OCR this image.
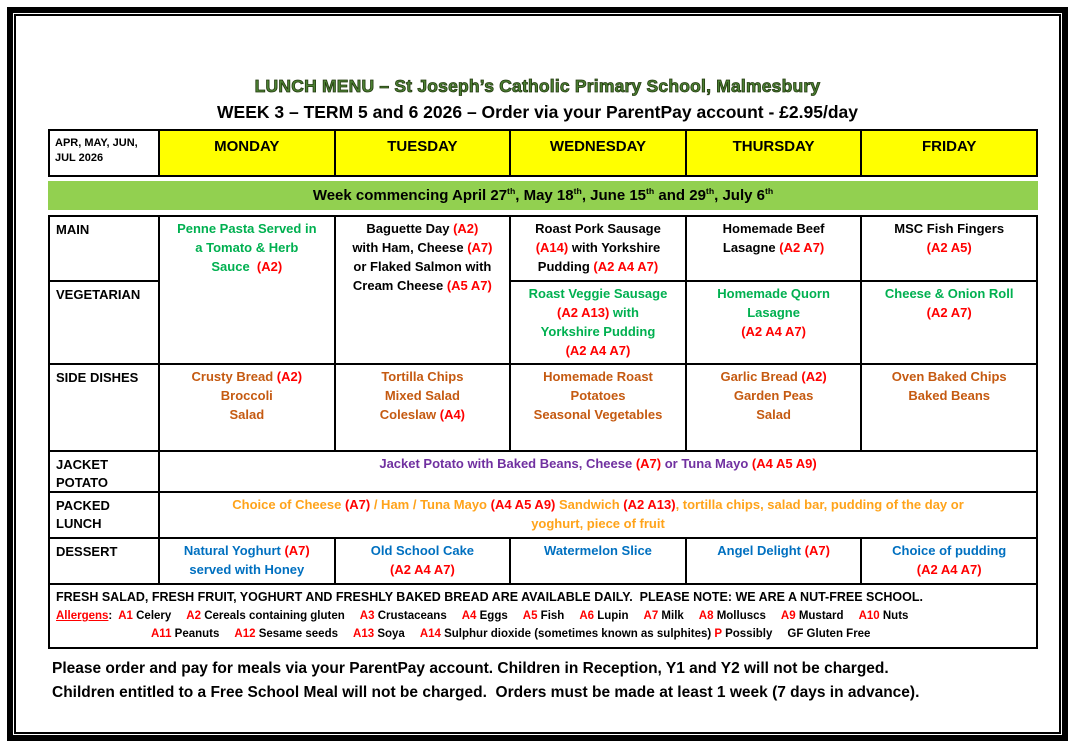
LUNCH MENU – St Joseph’s Catholic Primary School, Malmesbury
WEEK 3 – TERM 5 and 6 2026 – Order via your ParentPay account - £2.95/day
APR, MAY, JUN,
JUL 2026	MONDAY	TUESDAY	WEDNESDAY	THURSDAY	FRIDAY
Week commencing April 27th, May 18th, June 15th and 29th, July 6th
MAIN	Penne Pasta Served in
a Tomato & Herb
Sauce  (A2)	Baguette Day (A2)
with Ham, Cheese (A7)
or Flaked Salmon with
Cream Cheese (A5 A7)	Roast Pork Sausage
(A14) with Yorkshire
Pudding (A2 A4 A7)	Homemade Beef
Lasagne (A2 A7)	MSC Fish Fingers
(A2 A5)
VEGETARIAN			Roast Veggie Sausage
(A2 A13) with
Yorkshire Pudding
(A2 A4 A7)	Homemade Quorn
Lasagne
(A2 A4 A7)	Cheese & Onion Roll
(A2 A7)
SIDE DISHES	Crusty Bread (A2)
Broccoli
Salad	Tortilla Chips
Mixed Salad
Coleslaw (A4)	Homemade Roast
Potatoes
Seasonal Vegetables	Garlic Bread (A2)
Garden Peas
Salad	Oven Baked Chips
Baked Beans
JACKET POTATO	Jacket Potato with Baked Beans, Cheese (A7) or Tuna Mayo (A4 A5 A9)				
PACKED LUNCH	Choice of Cheese (A7) / Ham / Tuna Mayo (A4 A5 A9) Sandwich (A2 A13), tortilla chips, salad bar, pudding of the day or
yoghurt, piece of fruit				
DESSERT	Natural Yoghurt (A7)
served with Honey	Old School Cake
(A2 A4 A7)	Watermelon Slice	Angel Delight (A7)	Choice of pudding
(A2 A4 A7)

FRESH SALAD, FRESH FRUIT, YOGHURT AND FRESHLY BAKED BREAD ARE AVAILABLE DAILY.  PLEASE NOTE: WE ARE A NUT-FREE SCHOOL.
Allergens:  A1 Celery A2 Cereals containing gluten A3 Crustaceans A4 Eggs A5 Fish A6 Lupin A7 Milk A8 Molluscs A9 Mustard A10 Nuts
A11 Peanuts A12 Sesame seeds A13 Soya A14 Sulphur dioxide (sometimes known as sulphites) P Possibly GF Gluten Free					
Please order and pay for meals via your ParentPay account. Children in Reception, Y1 and Y2 will not be charged.
Children entitled to a Free School Meal will not be charged.  Orders must be made at least 1 week (7 days in advance).
